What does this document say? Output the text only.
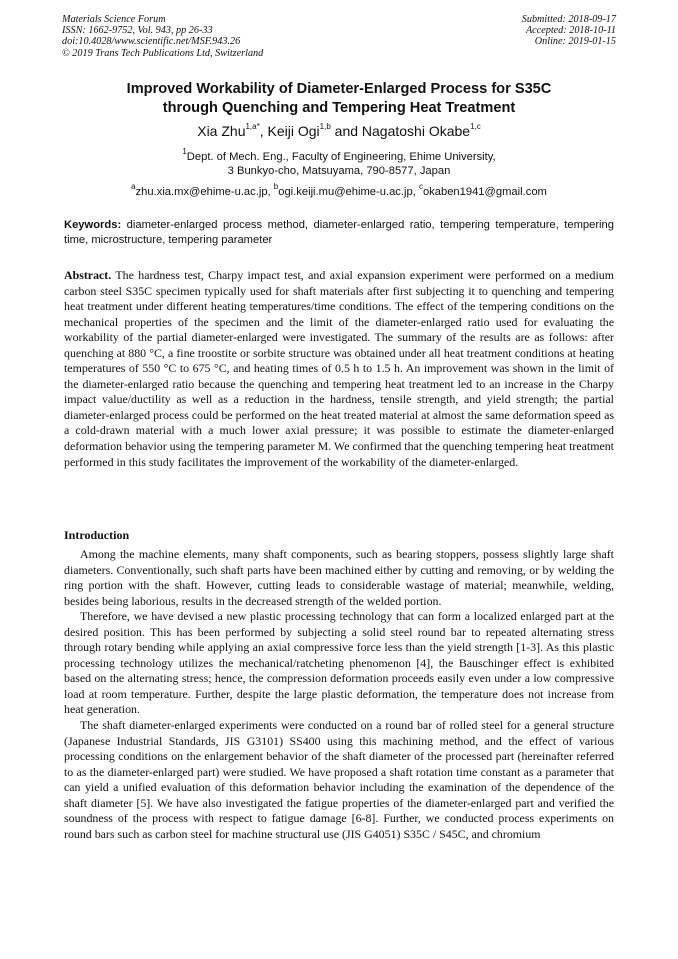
Materials Science Forum
ISSN: 1662-9752, Vol. 943, pp 26-33
doi:10.4028/www.scientific.net/MSF.943.26
© 2019 Trans Tech Publications Ltd, Switzerland
Submitted: 2018-09-17
Accepted: 2018-10-11
Online: 2019-01-15
Improved Workability of Diameter-Enlarged Process for S35C
through Quenching and Tempering Heat Treatment
Xia Zhu$^{1,a*}$, Keiji Ogi$^{1,b}$ and Nagatoshi Okabe$^{1,c}$
$^1$Dept. of Mech. Eng., Faculty of Engineering, Ehime University,
3 Bunkyo-cho, Matsuyama, 790-8577, Japan
$^a$zhu.xia.mx@ehime-u.ac.jp, $^b$ogi.keiji.mu@ehime-u.ac.jp, $^c$okaben1941@gmail.com
Keywords: diameter-enlarged process method, diameter-enlarged ratio, tempering temperature, tempering time, microstructure, tempering parameter
Abstract. The hardness test, Charpy impact test, and axial expansion experiment were performed on a medium carbon steel S35C specimen typically used for shaft materials after first subjecting it to quenching and tempering heat treatment under different heating temperatures/time conditions. The effect of the tempering conditions on the mechanical properties of the specimen and the limit of the diameter-enlarged ratio used for evaluating the workability of the partial diameter-enlarged were investigated. The summary of the results are as follows: after quenching at 880 °C, a fine troostite or sorbite structure was obtained under all heat treatment conditions at heating temperatures of 550 °C to 675 °C, and heating times of 0.5 h to 1.5 h. An improvement was shown in the limit of the diameter-enlarged ratio because the quenching and tempering heat treatment led to an increase in the Charpy impact value/ductility as well as a reduction in the hardness, tensile strength, and yield strength; the partial diameter-enlarged process could be performed on the heat treated material at almost the same deformation speed as a cold-drawn material with a much lower axial pressure; it was possible to estimate the diameter-enlarged deformation behavior using the tempering parameter M. We confirmed that the quenching tempering heat treatment performed in this study facilitates the improvement of the workability of the diameter-enlarged.
Introduction

Among the machine elements, many shaft components, such as bearing stoppers, possess slightly large shaft diameters. Conventionally, such shaft parts have been machined either by cutting and removing, or by welding the ring portion with the shaft. However, cutting leads to considerable wastage of material; meanwhile, welding, besides being laborious, results in the decreased strength of the welded portion.

Therefore, we have devised a new plastic processing technology that can form a localized enlarged part at the desired position. This has been performed by subjecting a solid steel round bar to repeated alternating stress through rotary bending while applying an axial compressive force less than the yield strength [1-3]. As this plastic processing technology utilizes the mechanical/ratcheting phenomenon [4], the Bauschinger effect is exhibited based on the alternating stress; hence, the compression deformation proceeds easily even under a low compressive load at room temperature. Further, despite the large plastic deformation, the temperature does not increase from heat generation.

The shaft diameter-enlarged experiments were conducted on a round bar of rolled steel for a general structure (Japanese Industrial Standards, JIS G3101) SS400 using this machining method, and the effect of various processing conditions on the enlargement behavior of the shaft diameter of the processed part (hereinafter referred to as the diameter-enlarged part) were studied. We have proposed a shaft rotation time constant as a parameter that can yield a unified evaluation of this deformation behavior including the examination of the dependence of the shaft diameter [5]. We have also investigated the fatigue properties of the diameter-enlarged part and verified the soundness of the process with respect to fatigue damage [6-8]. Further, we conducted process experiments on round bars such as carbon steel for machine structural use (JIS G4051) S35C / S45C, and chromium
